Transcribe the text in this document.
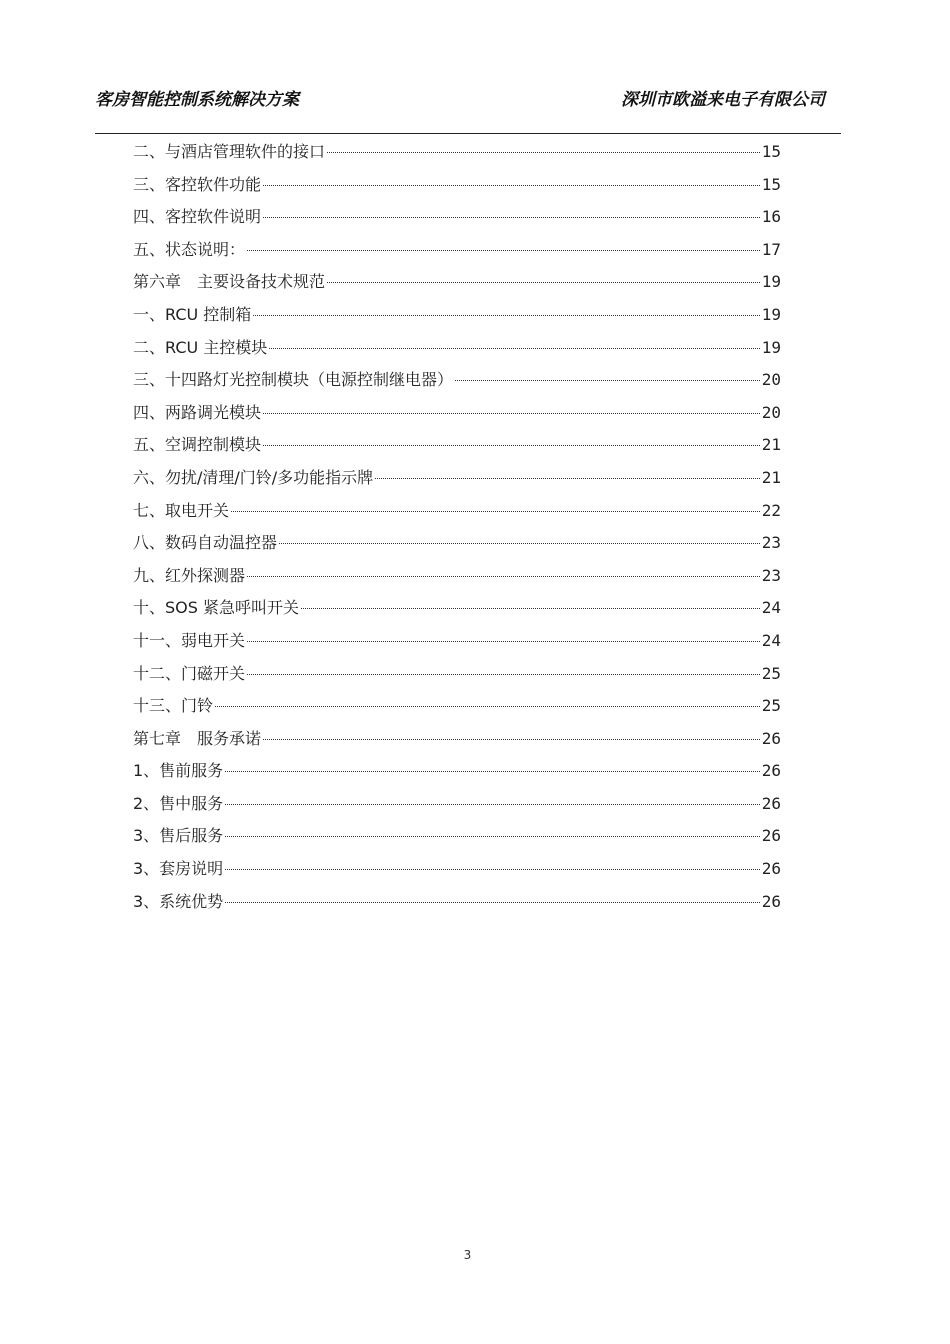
客房智能控制系统解决方案	深圳市欧溢来电子有限公司
二、与酒店管理软件的接口	15
三、客控软件功能	15
四、客控软件说明	16
五、状态说明：	17
第六章　主要设备技术规范	19
一、RCU 控制箱	19
二、RCU 主控模块	19
三、十四路灯光控制模块（电源控制继电器）	20
四、两路调光模块	20
五、空调控制模块	21
六、勿扰/清理/门铃/多功能指示牌	21
七、取电开关	22
八、数码自动温控器	23
九、红外探测器	23
十、SOS 紧急呼叫开关	24
十一、弱电开关	24
十二、门磁开关	25
十三、门铃	25
第七章　服务承诺	26
1、售前服务	26
2、售中服务	26
3、售后服务	26
3、套房说明	26
3、系统优势	26
3
